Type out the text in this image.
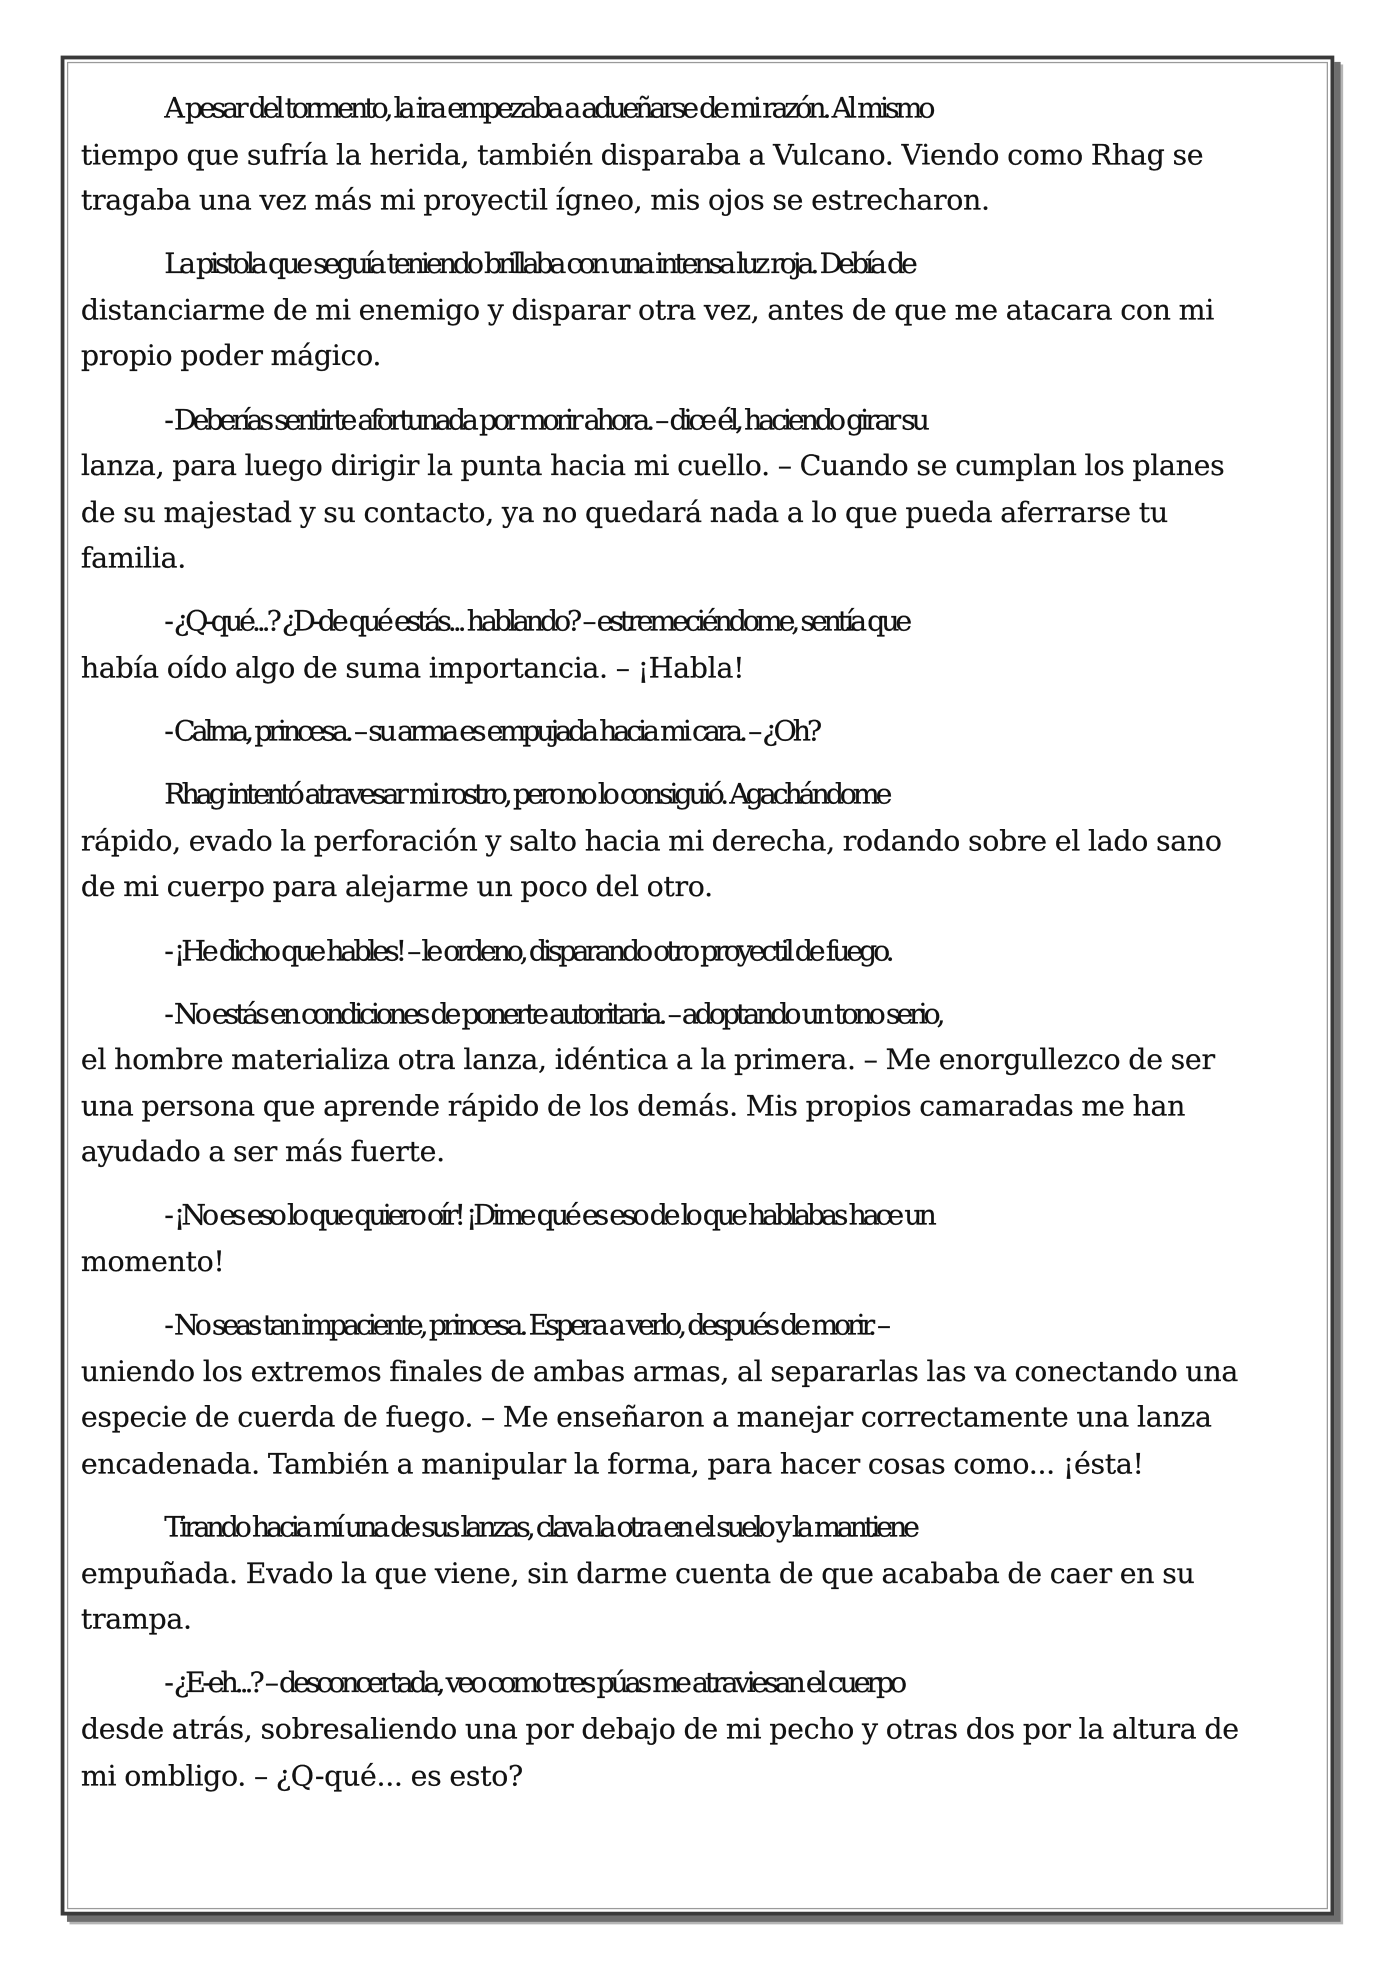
A pesar del tormento, la ira empezaba a adueñarse de mi razón. Al mismo
tiempo que sufría la herida, también disparaba a Vulcano. Viendo como Rhag se
tragaba una vez más mi proyectil ígneo, mis ojos se estrecharon.

La pistola que seguía teniendo brillaba con una intensa luz roja. Debía de
distanciarme de mi enemigo y disparar otra vez, antes de que me atacara con mi
propio poder mágico.

- Deberías sentirte afortunada por morir ahora. – dice él, haciendo girar su
lanza, para luego dirigir la punta hacia mi cuello. – Cuando se cumplan los planes
de su majestad y su contacto, ya no quedará nada a lo que pueda aferrarse tu
familia.

- ¿Q-qué...? ¿D-de qué estás... hablando? – estremeciéndome, sentía que
había oído algo de suma importancia. – ¡Habla!

- Calma, princesa. – su arma es empujada hacia mi cara. – ¿Oh?

Rhag intentó atravesar mi rostro, pero no lo consiguió. Agachándome
rápido, evado la perforación y salto hacia mi derecha, rodando sobre el lado sano
de mi cuerpo para alejarme un poco del otro.

- ¡He dicho que hables! – le ordeno, disparando otro proyectil de fuego.

- No estás en condiciones de ponerte autoritaria. – adoptando un tono serio,
el hombre materializa otra lanza, idéntica a la primera. – Me enorgullezco de ser
una persona que aprende rápido de los demás. Mis propios camaradas me han
ayudado a ser más fuerte.

- ¡No es eso lo que quiero oír! ¡Dime qué es eso de lo que hablabas hace un
momento!

- No seas tan impaciente, princesa. Espera a verlo, después de morir. –
uniendo los extremos finales de ambas armas, al separarlas las va conectando una
especie de cuerda de fuego. – Me enseñaron a manejar correctamente una lanza
encadenada. También a manipular la forma, para hacer cosas como... ¡ésta!

Tirando hacia mí una de sus lanzas, clava la otra en el suelo y la mantiene
empuñada. Evado la que viene, sin darme cuenta de que acababa de caer en su
trampa.

- ¿E-eh...? – desconcertada, veo como tres púas me atraviesan el cuerpo
desde atrás, sobresaliendo una por debajo de mi pecho y otras dos por la altura de
mi ombligo. – ¿Q-qué... es esto?
